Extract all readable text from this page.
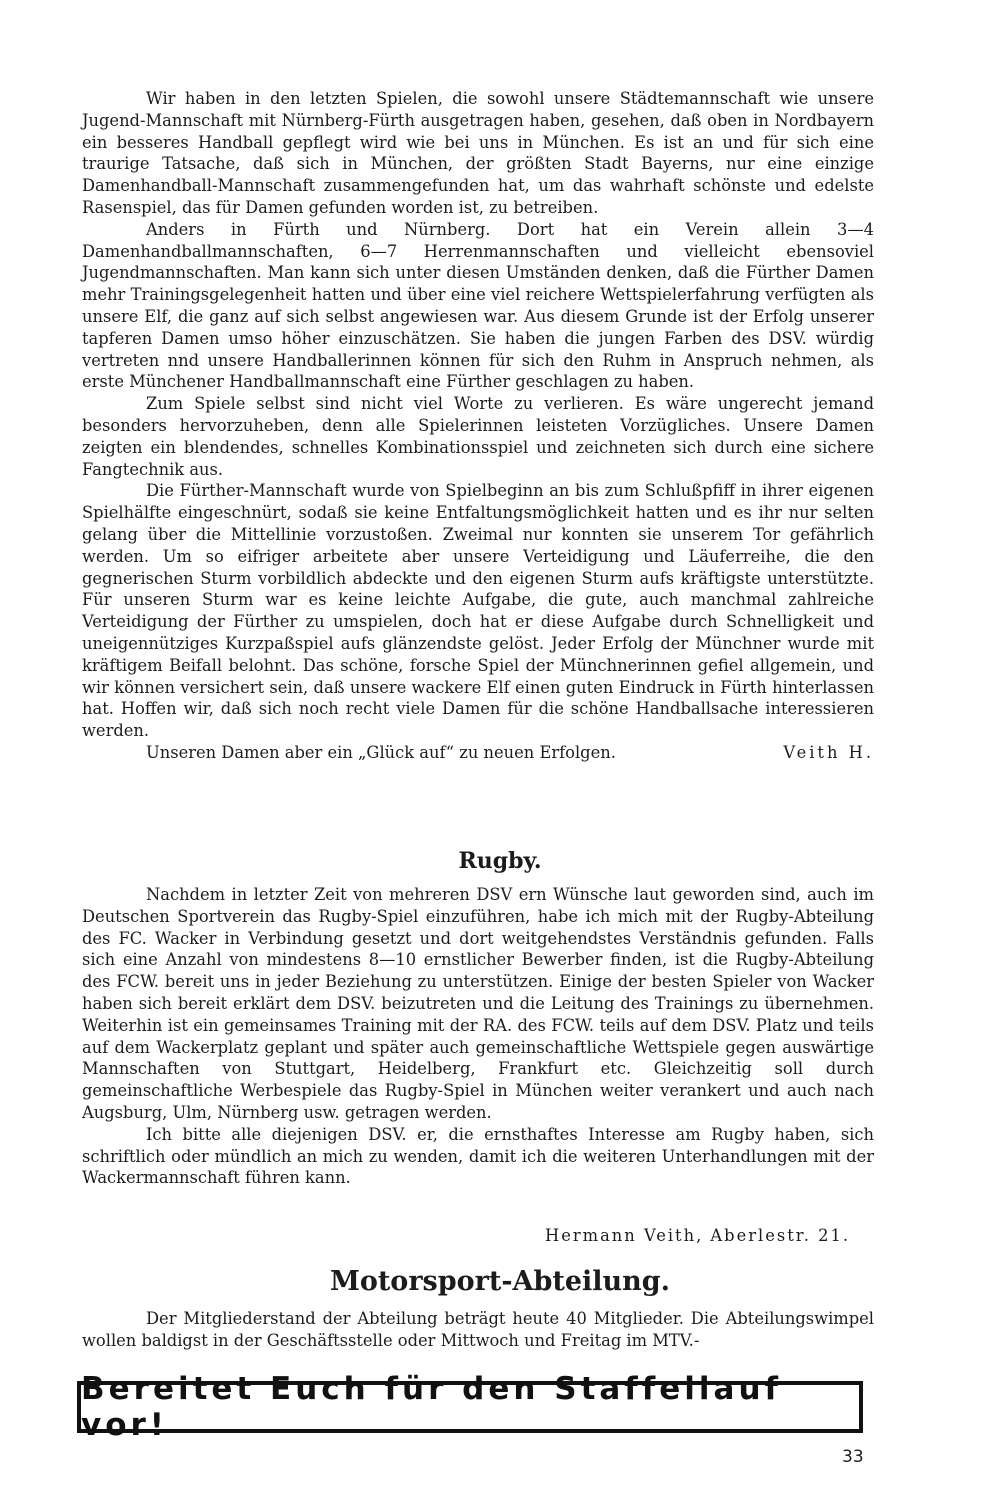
Wir haben in den letzten Spielen, die sowohl unsere Städtemannschaft wie unsere Jugend-Mannschaft mit Nürnberg-Fürth ausgetragen haben, gesehen, daß oben in Nordbayern ein besseres Handball gepflegt wird wie bei uns in München. Es ist an und für sich eine traurige Tatsache, daß sich in München, der größten Stadt Bayerns, nur eine einzige Damenhandball-Mannschaft zusammengefunden hat, um das wahrhaft schönste und edelste Rasenspiel, das für Damen gefunden worden ist, zu betreiben.

Anders in Fürth und Nürnberg. Dort hat ein Verein allein 3—4 Damenhandballmannschaften, 6—7 Herrenmannschaften und vielleicht ebensoviel Jugendmannschaften. Man kann sich unter diesen Umständen denken, daß die Fürther Damen mehr Trainingsgelegenheit hatten und über eine viel reichere Wettspielerfahrung verfügten als unsere Elf, die ganz auf sich selbst angewiesen war. Aus diesem Grunde ist der Erfolg unserer tapferen Damen umso höher einzuschätzen. Sie haben die jungen Farben des DSV. würdig vertreten nnd unsere Handballerinnen können für sich den Ruhm in Anspruch nehmen, als erste Münchener Handballmannschaft eine Fürther geschlagen zu haben.

Zum Spiele selbst sind nicht viel Worte zu verlieren. Es wäre ungerecht jemand besonders hervorzuheben, denn alle Spielerinnen leisteten Vorzügliches. Unsere Damen zeigten ein blendendes, schnelles Kombinationsspiel und zeichneten sich durch eine sichere Fangtechnik aus.

Die Fürther-Mannschaft wurde von Spielbeginn an bis zum Schlußpfiff in ihrer eigenen Spielhälfte eingeschnürt, sodaß sie keine Entfaltungsmöglichkeit hatten und es ihr nur selten gelang über die Mittellinie vorzustoßen. Zweimal nur konnten sie unserem Tor gefährlich werden. Um so eifriger arbeitete aber unsere Verteidigung und Läuferreihe, die den gegnerischen Sturm vorbildlich abdeckte und den eigenen Sturm aufs kräftigste unterstützte. Für unseren Sturm war es keine leichte Aufgabe, die gute, auch manchmal zahlreiche Verteidigung der Fürther zu umspielen, doch hat er diese Aufgabe durch Schnelligkeit und uneigennütziges Kurzpaßspiel aufs glänzendste gelöst. Jeder Erfolg der Münchner wurde mit kräftigem Beifall belohnt. Das schöne, forsche Spiel der Münchnerinnen gefiel allgemein, und wir können versichert sein, daß unsere wackere Elf einen guten Eindruck in Fürth hinterlassen hat. Hoffen wir, daß sich noch recht viele Damen für die schöne Handballsache interessieren werden.

Unseren Damen aber ein „Glück auf“ zu neuen Erfolgen.	Veith H.

Rugby.

Nachdem in letzter Zeit von mehreren DSV ern Wünsche laut geworden sind, auch im Deutschen Sportverein das Rugby-Spiel einzuführen, habe ich mich mit der Rugby-Abteilung des FC. Wacker in Verbindung gesetzt und dort weitgehendstes Verständnis gefunden. Falls sich eine Anzahl von mindestens 8—10 ernstlicher Bewerber finden, ist die Rugby-Abteilung des FCW. bereit uns in jeder Beziehung zu unterstützen. Einige der besten Spieler von Wacker haben sich bereit erklärt dem DSV. beizutreten und die Leitung des Trainings zu übernehmen. Weiterhin ist ein gemeinsames Training mit der RA. des FCW. teils auf dem DSV. Platz und teils auf dem Wackerplatz geplant und später auch gemeinschaftliche Wettspiele gegen auswärtige Mannschaften von Stuttgart, Heidelberg, Frankfurt etc. Gleichzeitig soll durch gemeinschaftliche Werbespiele das Rugby-Spiel in München weiter verankert und auch nach Augsburg, Ulm, Nürnberg usw. getragen werden.

Ich bitte alle diejenigen DSV. er, die ernsthaftes Interesse am Rugby haben, sich schriftlich oder mündlich an mich zu wenden, damit ich die weiteren Unterhandlungen mit der Wackermannschaft führen kann.

Hermann Veith, Aberlestr. 21.
Motorsport-Abteilung.

Der Mitgliederstand der Abteilung beträgt heute 40 Mitglieder. Die Abteilungswimpel wollen baldigst in der Geschäftsstelle oder Mittwoch und Freitag im MTV.-

Bereitet Euch für den Staffellauf vor!
33
